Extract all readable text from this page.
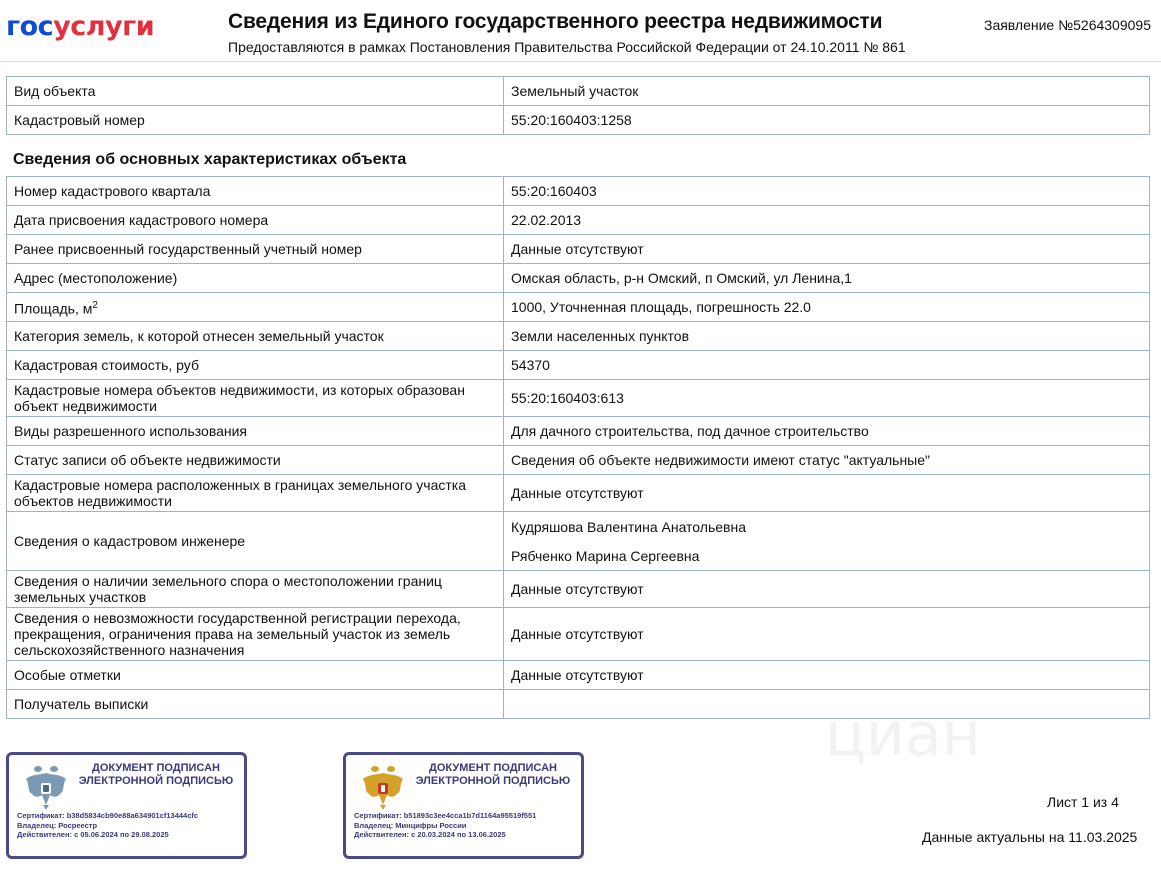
госуслуги	Сведения из Единого государственного реестра недвижимости
Предоставляются в рамках Постановления Правительства Российской Федерации от 24.10.2011 № 861
Заявление №5264309095
Вид объекта	Земельный участок
Кадастровый номер	55:20:160403:1258
Сведения об основных характеристиках объекта
Номер кадастрового квартала	55:20:160403
Дата присвоения кадастрового номера	22.02.2013
Ранее присвоенный государственный учетный номер	Данные отсутствуют
Адрес (местоположение)	Омская область, р-н Омский, п Омский, ул Ленина,1
Площадь, $м^2$	1000, Уточненная площадь, погрешность 22.0
Категория земель, к которой отнесен земельный участок	Земли населенных пунктов
Кадастровая стоимость, руб	54370
Кадастровые номера объектов недвижимости, из которых образован объект недвижимости	55:20:160403:613
Виды разрешенного использования	Для дачного строительства, под дачное строительство
Статус записи об объекте недвижимости	Сведения об объекте недвижимости имеют статус "актуальные"
Кадастровые номера расположенных в границах земельного участка объектов недвижимости	Данные отсутствуют
Сведения о кадастровом инженере	Кудряшова Валентина Анатольевна
Рябченко Марина Сергеевна

Сведения о наличии земельного спора о местоположении границ земельных участков	Данные отсутствуют
Сведения о невозможности государственной регистрации перехода, прекращения, ограничения права на земельный участок из земель сельскохозяйственного назначения	Данные отсутствуют
Особые отметки	Данные отсутствуют
Получатель выписки		циан
ДОКУМЕНТ ПОДПИСАН ЭЛЕКТРОННОЙ ПОДПИСЬЮ
Сертификат: b38d5834cb90e88a634901cf13444cfc
Владелец: Росреестр
Действителен: с 05.06.2024 по 29.08.2025
ДОКУМЕНТ ПОДПИСАН ЭЛЕКТРОННОЙ ПОДПИСЬЮ
Сертификат: b51893c3ee4cca1b7d1164a95519f551
Владелец: Минцифры России
Действителен: с 20.03.2024 по 13.06.2025
Лист 1 из 4
Данные актуальны на 11.03.2025
